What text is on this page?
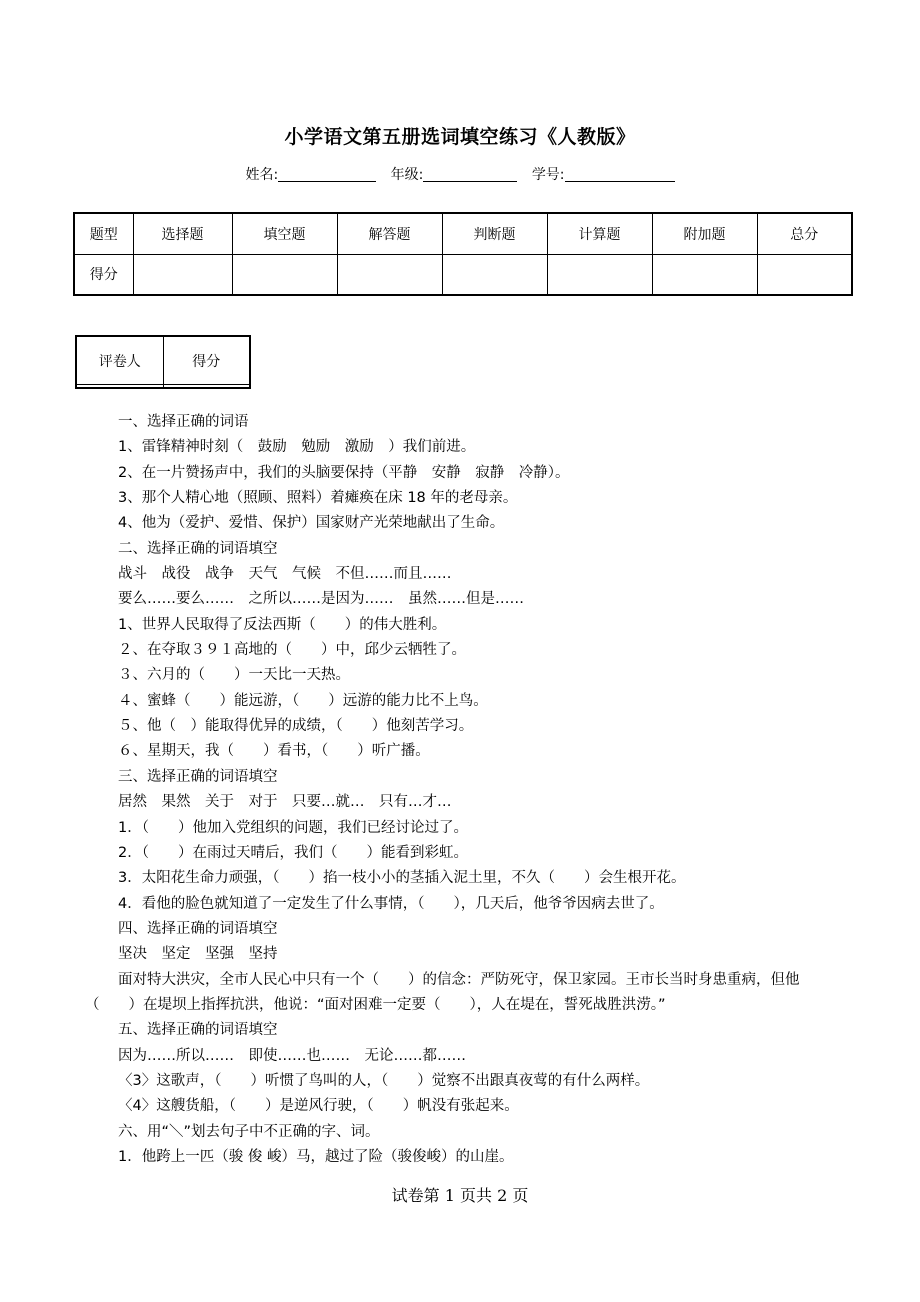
小学语文第五册选词填空练习《人教版》
姓名:	年级:	学号:
题型	选择题	填空题	解答题	判断题	计算题	附加题	总分
得分							
评卷人	得分

一、选择正确的词语
1、雷锋精神时刻（　鼓励　勉励　激励　）我们前进。
2、在一片赞扬声中，我们的头脑要保持（平静　安静　寂静　冷静）。
3、那个人精心地（照顾、照料）着瘫痪在床 18 年的老母亲。
4、他为（爱护、爱惜、保护）国家财产光荣地献出了生命。
二、选择正确的词语填空
战斗　战役　战争　天气　气候　不但……而且……
要么……要么……　之所以……是因为……　虽然……但是……
1、世界人民取得了反法西斯（　　）的伟大胜利。
２、在夺取３９１高地的（　　）中，邱少云牺牲了。
３、六月的（　　）一天比一天热。
４、蜜蜂（　　）能远游，（　　）远游的能力比不上鸟。
５、他（　）能取得优异的成绩，（　　）他刻苦学习。
６、星期天，我（　　）看书，（　　）听广播。
三、选择正确的词语填空
居然　果然　关于　对于　只要…就…　只有…才…
1．（　　）他加入党组织的问题，我们已经讨论过了。
2．（　　）在雨过天晴后，我们（　　）能看到彩虹。
3．太阳花生命力顽强，（　　）掐一枝小小的茎插入泥土里，不久（　　）会生根开花。
4．看他的脸色就知道了一定发生了什么事情，（　　），几天后，他爷爷因病去世了。
四、选择正确的词语填空
坚决　坚定　坚强　坚持
面对特大洪灾，全市人民心中只有一个（　　）的信念：严防死守，保卫家园。王市长当时身患重病，但他（　　）在堤坝上指挥抗洪，他说：“面对困难一定要（　　），人在堤在，誓死战胜洪涝。”
五、选择正确的词语填空
因为……所以……　即使……也……　无论……都……
〈3〉这歌声，（　　）听惯了鸟叫的人，（　　）觉察不出跟真夜莺的有什么两样。
〈4〉这艘货船，（　　）是逆风行驶，（　　）帆没有张起来。
六、用“＼”划去句子中不正确的字、词。
1．他跨上一匹（骏 俊 峻）马，越过了险（骏俊峻）的山崖。
试卷第 1 页共 2 页
